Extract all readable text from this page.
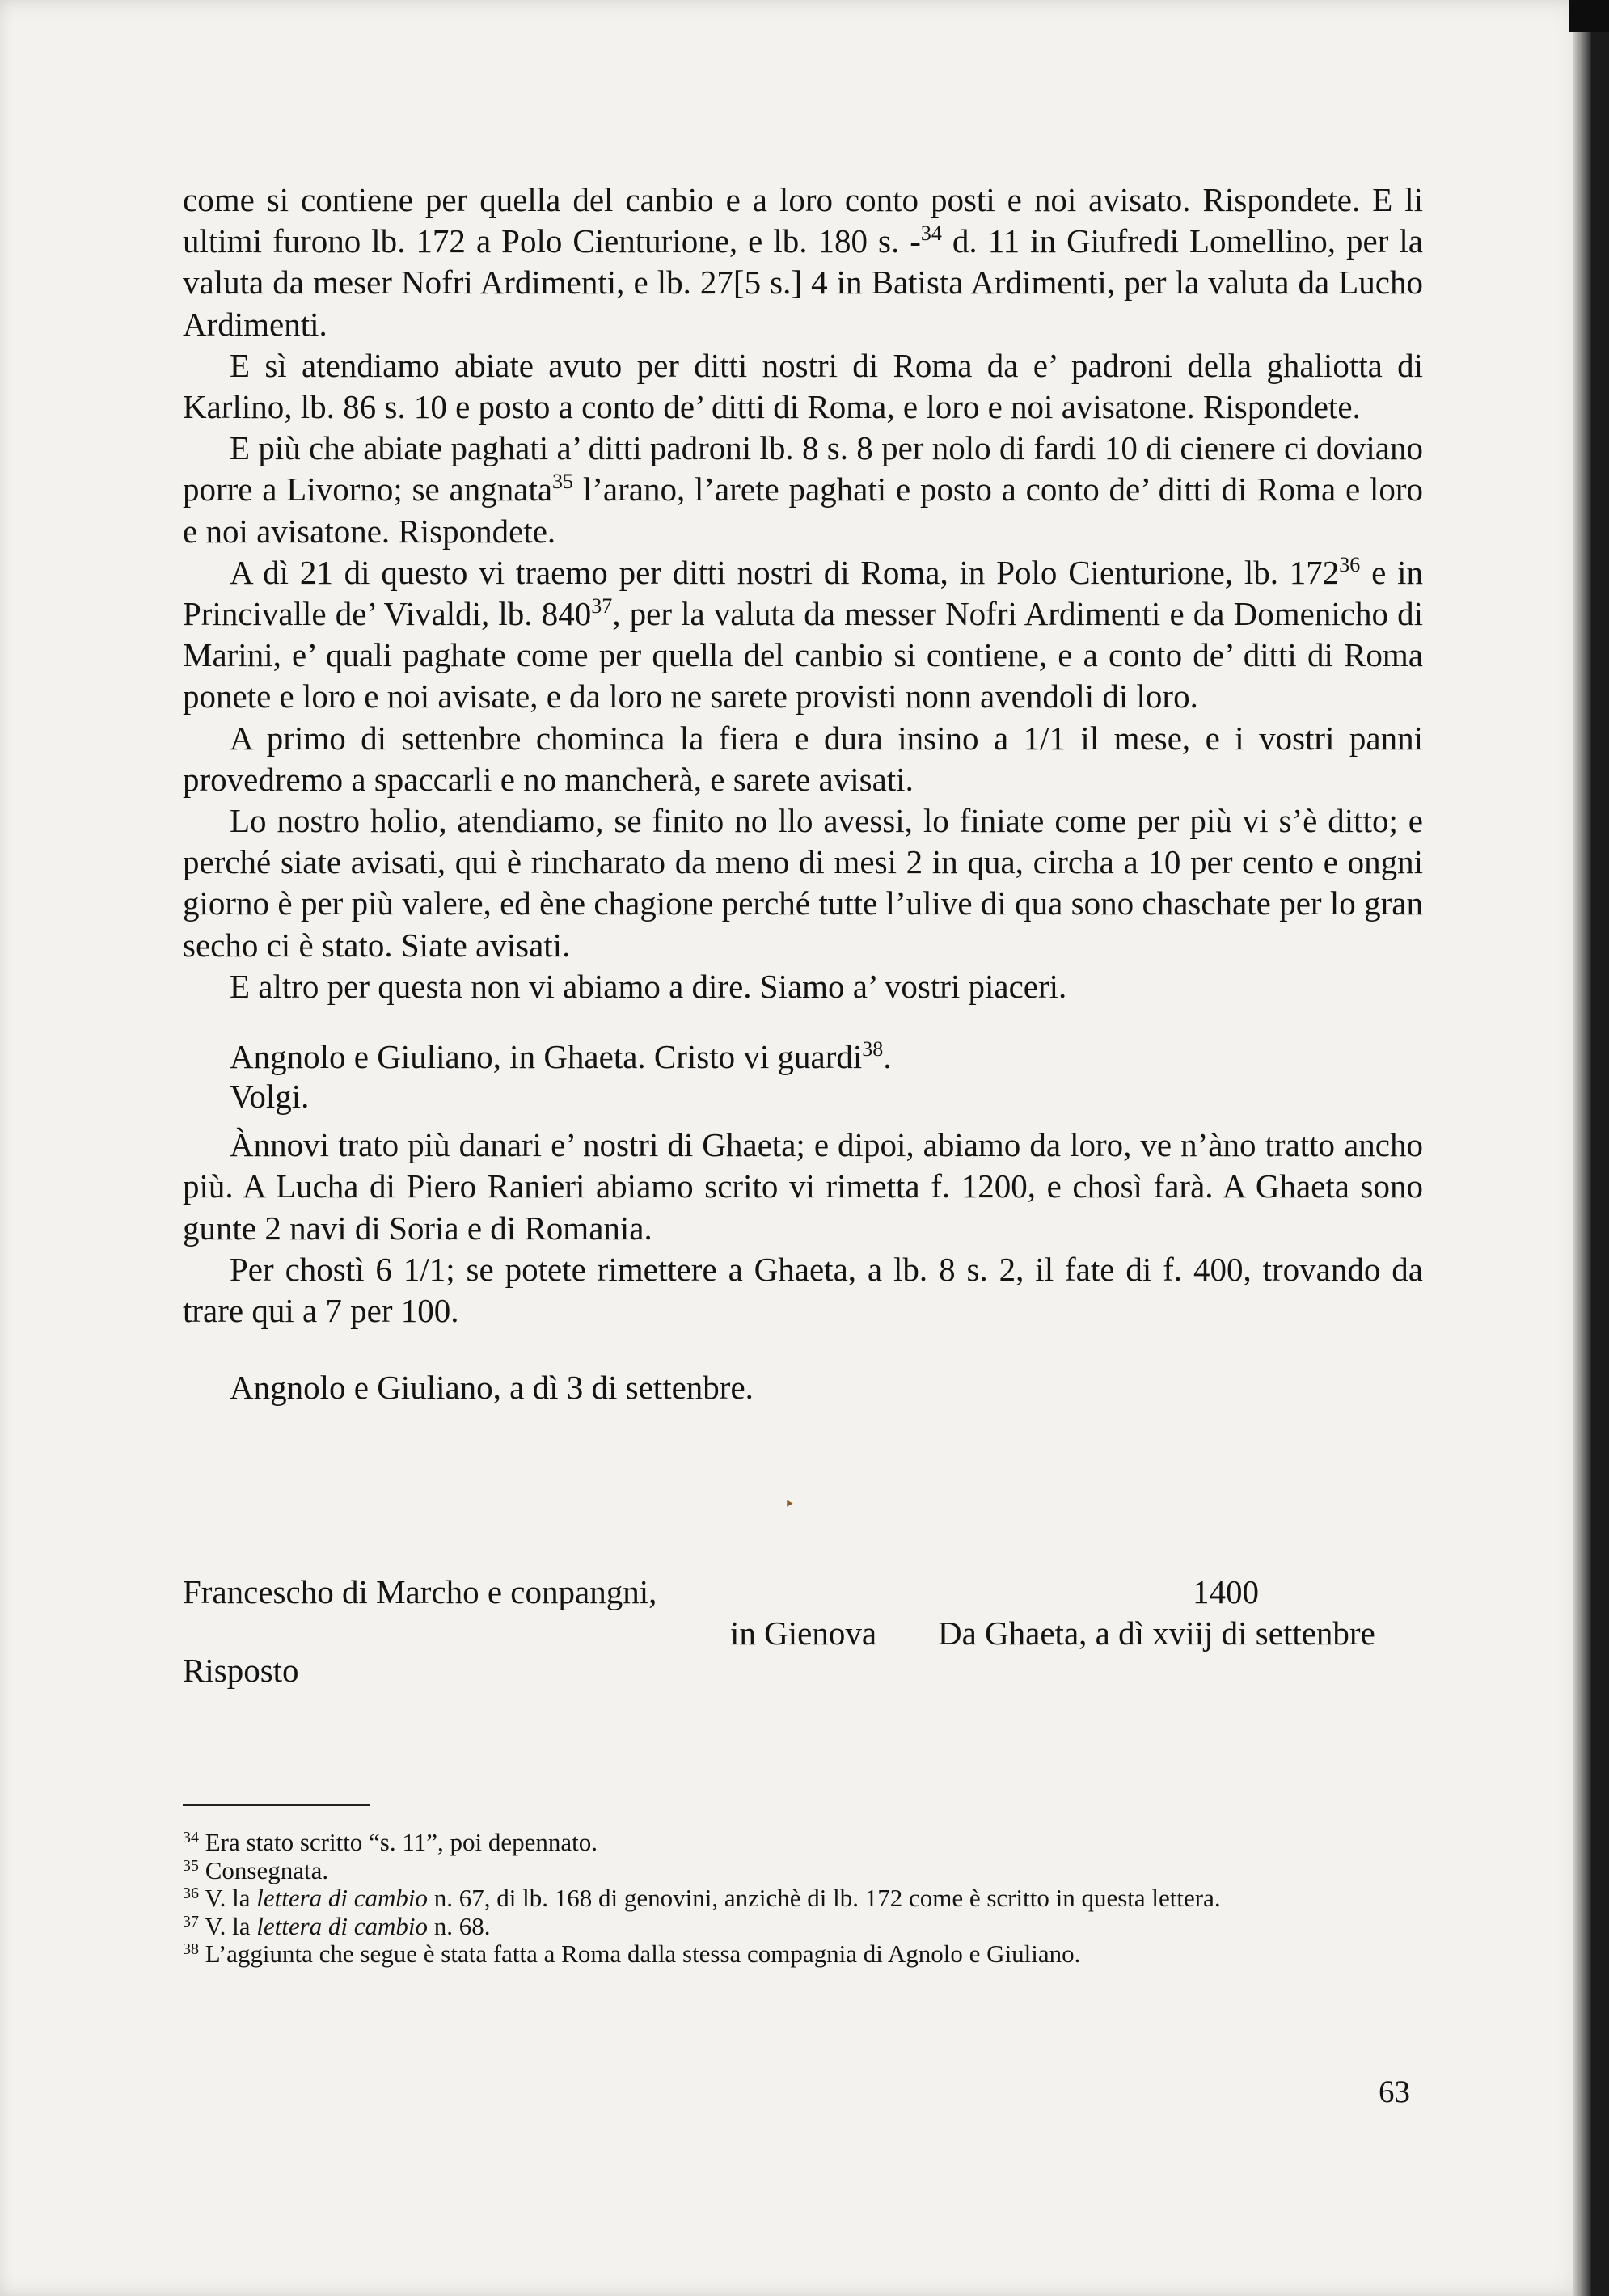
come si contiene per quella del canbio e a loro conto posti e noi avisato. Rispondete. E li ultimi furono lb. 172 a Polo Cienturione, e lb. 180 s. -$^{34}$ d. 11 in Giufredi Lomellino, per la valuta da meser Nofri Ardimenti, e lb. 27[5 s.] 4 in Batista Ardimenti, per la valuta da Lucho Ardimenti.

E sì atendiamo abiate avuto per ditti nostri di Roma da e’ padroni della ghaliotta di Karlino, lb. 86 s. 10 e posto a conto de’ ditti di Roma, e loro e noi avisatone. Rispondete.

E più che abiate paghati a’ ditti padroni lb. 8 s. 8 per nolo di fardi 10 di cienere ci doviano porre a Livorno; se angnata$^{35}$ l’arano, l’arete paghati e posto a conto de’ ditti di Roma e loro e noi avisatone. Rispondete.

A dì 21 di questo vi traemo per ditti nostri di Roma, in Polo Cienturione, lb. $172^{36}$ e in Princivalle de’ Vivaldi, lb. $840^{37}$, per la valuta da messer Nofri Ardimenti e da Domenicho di Marini, e’ quali paghate come per quella del canbio si contiene, e a conto de’ ditti di Roma ponete e loro e noi avisate, e da loro ne sarete provisti nonn avendoli di loro.

A primo di settenbre chominca la fiera e dura insino a 1/1 il mese, e i vostri panni provedremo a spaccarli e no mancherà, e sarete avisati.

Lo nostro holio, atendiamo, se finito no llo avessi, lo finiate come per più vi s’è ditto; e perché siate avisati, qui è rincharato da meno di mesi 2 in qua, circha a 10 per cento e ongni giorno è per più valere, ed ène chagione perché tutte l’ulive di qua sono chaschate per lo gran secho ci è stato. Siate avisati.

E altro per questa non vi abiamo a dire. Siamo a’ vostri piaceri.

Angnolo e Giuliano, in Ghaeta. Cristo vi guardi$^{38}$.

Volgi.

Ànnovi trato più danari e’ nostri di Ghaeta; e dipoi, abiamo da loro, ve n’àno tratto ancho più. A Lucha di Piero Ranieri abiamo scrito vi rimetta f. 1200, e chosì farà. A Ghaeta sono gunte 2 navi di Soria e di Romania.

Per chostì 6 1/1; se potete rimettere a Ghaeta, a lb. 8 s. 2, il fate di f. 400, trovando da trare qui a 7 per 100.

Angnolo e Giuliano, a dì 3 di settenbre.

‣
Francescho di Marcho e conpangni,	1400
in Gienova Da Ghaeta, a dì xviij di settenbre
Risposto
$^{34}$ Era stato scritto “s. 11”, poi depennato.
$^{35}$ Consegnata.
$^{36}$ V. la lettera di cambio n. 67, di lb. 168 di genovini, anzichè di lb. 172 come è scritto in questa lettera.
$^{37}$ V. la lettera di cambio n. 68.
$^{38}$ L’aggiunta che segue è stata fatta a Roma dalla stessa compagnia di Agnolo e Giuliano.
63
